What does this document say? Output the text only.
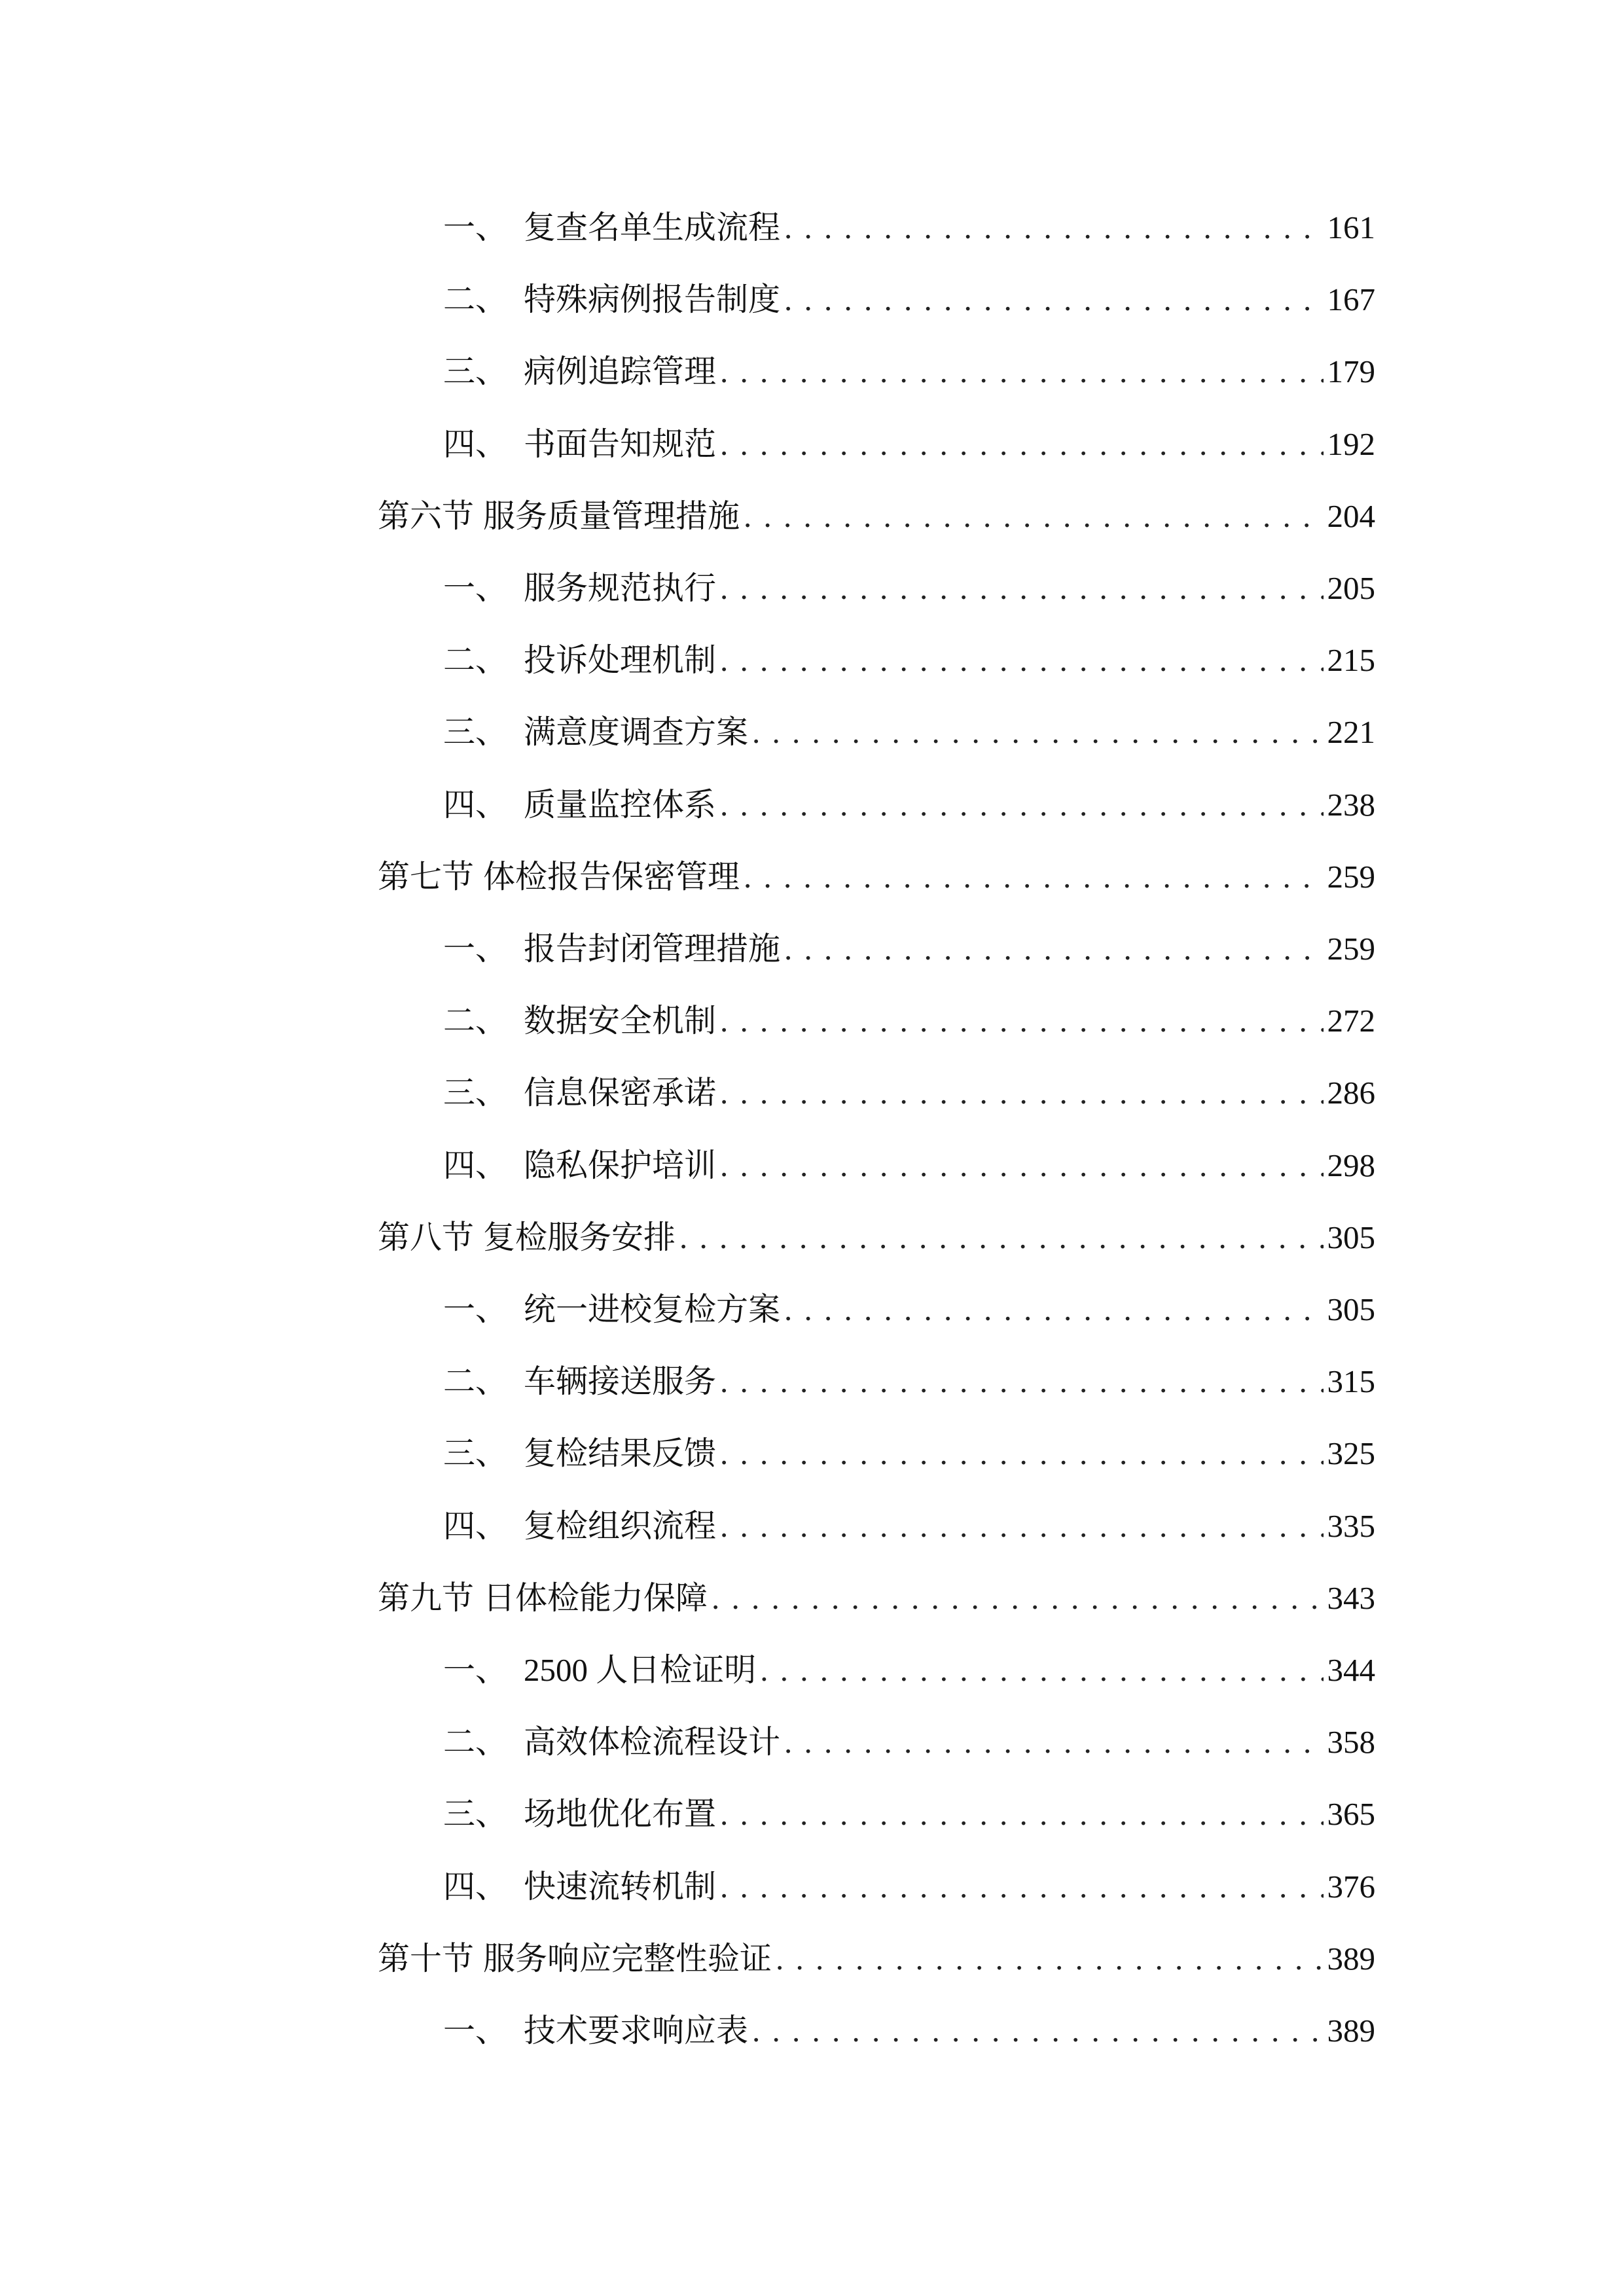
一、 复查名单生成流程 . . .	161
二、 特殊病例报告制度 . . .	167
三、 病例追踪管理 . . .	179
四、 书面告知规范 . . .	192
第六节 服务质量管理措施 . . .	204
一、 服务规范执行 . . .	205
二、 投诉处理机制 . . .	215
三、 满意度调查方案 . . .	221
四、 质量监控体系 . . .	238
第七节 体检报告保密管理 . . .	259
一、 报告封闭管理措施 . . .	259
二、 数据安全机制 . . .	272
三、 信息保密承诺 . . .	286
四、 隐私保护培训 . . .	298
第八节 复检服务安排 . . .	305
一、 统一进校复检方案 . . .	305
二、 车辆接送服务 . . .	315
三、 复检结果反馈 . . .	325
四、 复检组织流程 . . .	335
第九节 日体检能力保障 . . .	343
一、 2500 人日检证明 . . .	344
二、 高效体检流程设计 . . .	358
三、 场地优化布置 . . .	365
四、 快速流转机制 . . .	376
第十节 服务响应完整性验证 . . .	389
一、 技术要求响应表 . . .	389
